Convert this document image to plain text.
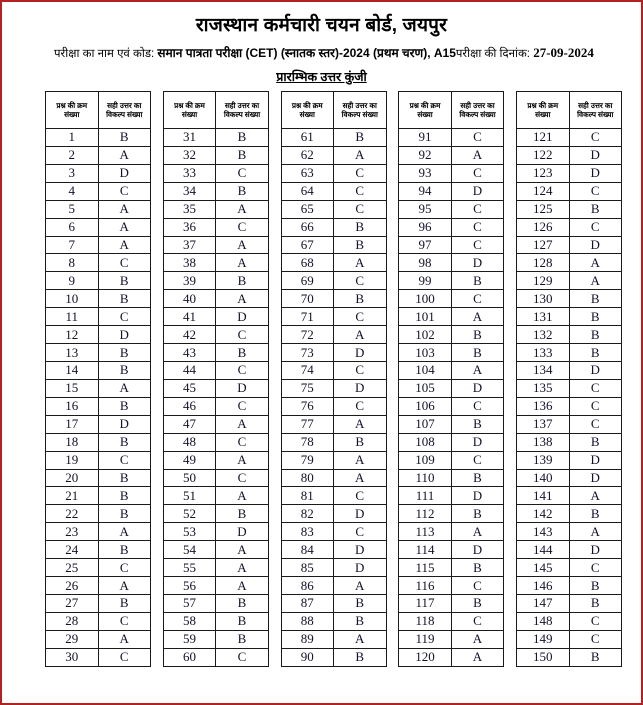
राजस्थान कर्मचारी चयन बोर्ड, जयपुर
परीक्षा का नाम एवं कोड: समान पात्रता परीक्षा (CET) (स्नातक स्तर)-2024 (प्रथम चरण), A15 परीक्षा की दिनांक: 27-09-2024
प्रारम्भिक उत्तर कुंजी
प्रश्न की क्रम संख्या	सही उत्तर का विकल्प संख्या
1	B
2	A
3	D
4	C
5	A
6	A
7	A
8	C
9	B
10	B
11	C
12	D
13	B
14	B
15	A
16	B
17	D
18	B
19	C
20	B
21	B
22	B
23	A
24	B
25	C
26	A
27	B
28	C
29	A
30	C
प्रश्न की क्रम संख्या	सही उत्तर का विकल्प संख्या
31	B
32	B
33	C
34	B
35	A
36	C
37	A
38	A
39	B
40	A
41	D
42	C
43	B
44	C
45	D
46	C
47	A
48	C
49	A
50	C
51	A
52	B
53	D
54	A
55	A
56	A
57	B
58	B
59	B
60	C
प्रश्न की क्रम संख्या	सही उत्तर का विकल्प संख्या
61	B
62	A
63	C
64	C
65	C
66	B
67	B
68	A
69	C
70	B
71	C
72	A
73	D
74	C
75	D
76	C
77	A
78	B
79	A
80	A
81	C
82	D
83	C
84	D
85	D
86	A
87	B
88	B
89	A
90	B
प्रश्न की क्रम संख्या	सही उत्तर का विकल्प संख्या
91	C
92	A
93	C
94	D
95	C
96	C
97	C
98	D
99	B
100	C
101	A
102	B
103	B
104	A
105	D
106	C
107	B
108	D
109	C
110	B
111	D
112	B
113	A
114	D
115	B
116	C
117	B
118	C
119	A
120	A
प्रश्न की क्रम संख्या	सही उत्तर का विकल्प संख्या
121	C
122	D
123	D
124	C
125	B
126	C
127	D
128	A
129	A
130	B
131	B
132	B
133	B
134	D
135	C
136	C
137	C
138	B
139	D
140	D
141	A
142	B
143	A
144	D
145	C
146	B
147	B
148	C
149	C
150	B
